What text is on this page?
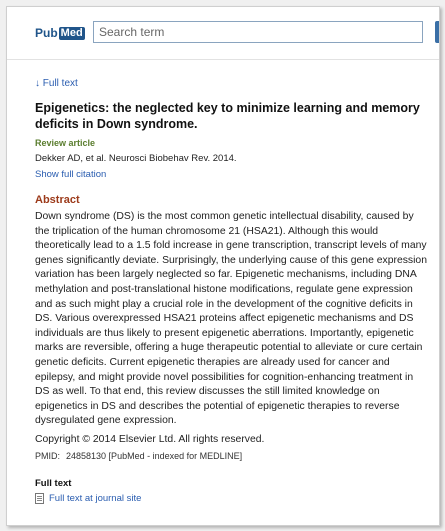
Pub Med
Search term
↓ Full text
Epigenetics: the neglected key to minimize learning and memory deficits in Down syndrome.
Review article
Dekker AD, et al. Neurosci Biobehav Rev. 2014.
Show full citation
Abstract

Down syndrome (DS) is the most common genetic intellectual disability, caused by the triplication of the human chromosome 21 (HSA21). Although this would theoretically lead to a 1.5 fold increase in gene transcription, transcript levels of many genes significantly deviate. Surprisingly, the underlying cause of this gene expression variation has been largely neglected so far. Epigenetic mechanisms, including DNA methylation and post-translational histone modifications, regulate gene expression and as such might play a crucial role in the development of the cognitive deficits in DS. Various overexpressed HSA21 proteins affect epigenetic mechanisms and DS individuals are thus likely to present epigenetic aberrations. Importantly, epigenetic marks are reversible, offering a huge therapeutic potential to alleviate or cure certain genetic deficits. Current epigenetic therapies are already used for cancer and epilepsy, and might provide novel possibilities for cognition-enhancing treatment in DS as well. To that end, this review discusses the still limited knowledge on epigenetics in DS and describes the potential of epigenetic therapies to reverse dysregulated gene expression.

Copyright © 2014 Elsevier Ltd. All rights reserved.
PMID: 24858130 [PubMed - indexed for MEDLINE]
Full text
Full text at journal site
